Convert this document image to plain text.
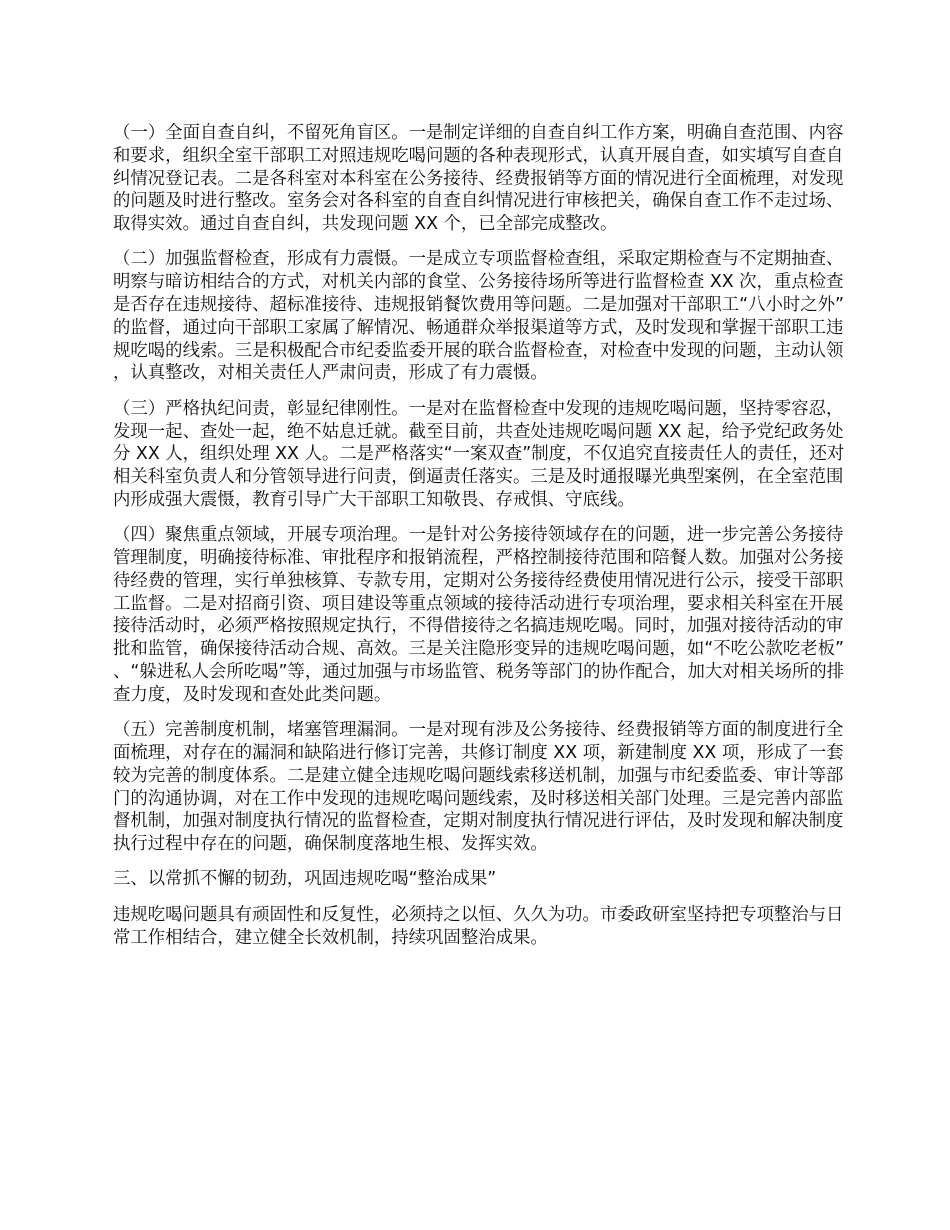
（一）全面自查自纠，不留死角盲区。一是制定详细的自查自纠工作方案，明确自查范围、内容和要求，组织全室干部职工对照违规吃喝问题的各种表现形式，认真开展自查，如实填写自查自纠情况登记表。二是各科室对本科室在公务接待、经费报销等方面的情况进行全面梳理，对发现的问题及时进行整改。室务会对各科室的自查自纠情况进行审核把关，确保自查工作不走过场、取得实效。通过自查自纠，共发现问题 XX 个，已全部完成整改。

（二）加强监督检查，形成有力震慑。一是成立专项监督检查组，采取定期检查与不定期抽查、明察与暗访相结合的方式，对机关内部的食堂、公务接待场所等进行监督检查 XX 次，重点检查是否存在违规接待、超标准接待、违规报销餐饮费用等问题。二是加强对干部职工“八小时之外”的监督，通过向干部职工家属了解情况、畅通群众举报渠道等方式，及时发现和掌握干部职工违规吃喝的线索。三是积极配合市纪委监委开展的联合监督检查，对检查中发现的问题，主动认领，认真整改，对相关责任人严肃问责，形成了有力震慑。

（三）严格执纪问责，彰显纪律刚性。一是对在监督检查中发现的违规吃喝问题，坚持零容忍，发现一起、查处一起，绝不姑息迁就。截至目前，共查处违规吃喝问题 XX 起，给予党纪政务处分 XX 人，组织处理 XX 人。二是严格落实“一案双查”制度，不仅追究直接责任人的责任，还对相关科室负责人和分管领导进行问责，倒逼责任落实。三是及时通报曝光典型案例，在全室范围内形成强大震慑，教育引导广大干部职工知敬畏、存戒惧、守底线。

（四）聚焦重点领域，开展专项治理。一是针对公务接待领域存在的问题，进一步完善公务接待管理制度，明确接待标准、审批程序和报销流程，严格控制接待范围和陪餐人数。加强对公务接待经费的管理，实行单独核算、专款专用，定期对公务接待经费使用情况进行公示，接受干部职工监督。二是对招商引资、项目建设等重点领域的接待活动进行专项治理，要求相关科室在开展接待活动时，必须严格按照规定执行，不得借接待之名搞违规吃喝。同时，加强对接待活动的审批和监管，确保接待活动合规、高效。三是关注隐形变异的违规吃喝问题，如“不吃公款吃老板”、“躲进私人会所吃喝”等，通过加强与市场监管、税务等部门的协作配合，加大对相关场所的排查力度，及时发现和查处此类问题。

（五）完善制度机制，堵塞管理漏洞。一是对现有涉及公务接待、经费报销等方面的制度进行全面梳理，对存在的漏洞和缺陷进行修订完善，共修订制度 XX 项，新建制度 XX 项，形成了一套较为完善的制度体系。二是建立健全违规吃喝问题线索移送机制，加强与市纪委监委、审计等部门的沟通协调，对在工作中发现的违规吃喝问题线索，及时移送相关部门处理。三是完善内部监督机制，加强对制度执行情况的监督检查，定期对制度执行情况进行评估，及时发现和解决制度执行过程中存在的问题，确保制度落地生根、发挥实效。

三、以常抓不懈的韧劲，巩固违规吃喝“整治成果”

违规吃喝问题具有顽固性和反复性，必须持之以恒、久久为功。市委政研室坚持把专项整治与日常工作相结合，建立健全长效机制，持续巩固整治成果。
